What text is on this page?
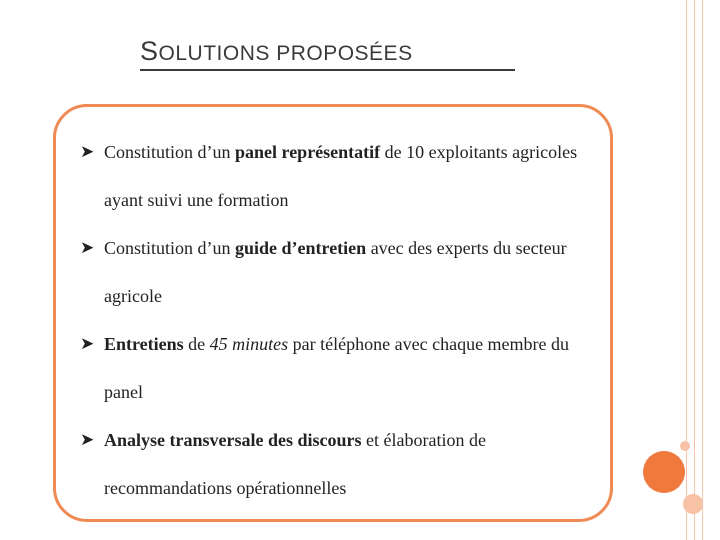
SOLUTIONS PROPOSÉES
➤ Constitution d’un panel représentatif de 10 exploitants agricoles ayant suivi une formation
➤ Constitution d’un guide d’entretien avec des experts du secteur agricole
➤ Entretiens de 45 minutes par téléphone avec chaque membre du panel
➤ Analyse transversale des discours et élaboration de recommandations opérationnelles
